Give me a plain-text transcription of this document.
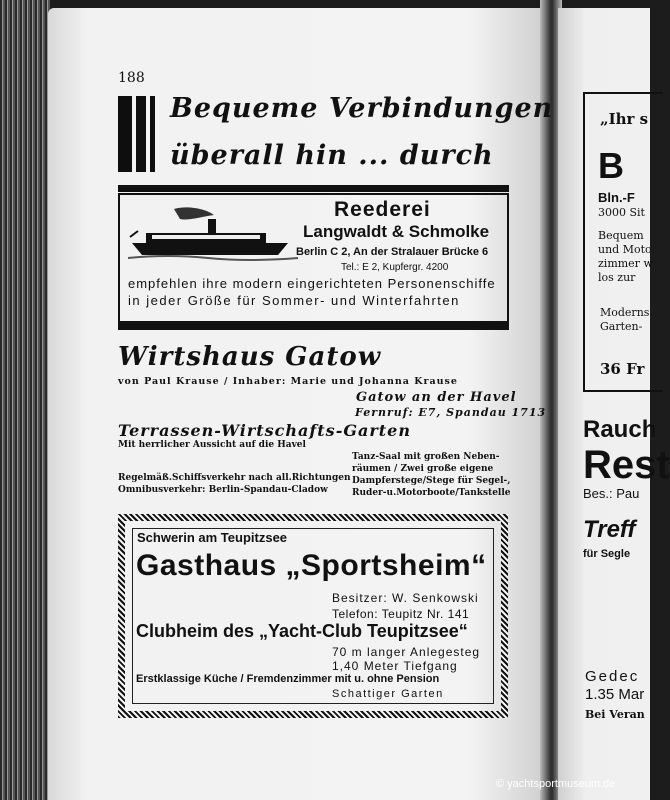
188
Bequeme Verbindungen
überall hin ... durch
Reederei
Langwaldt & Schmolke
Berlin C 2, An der Stralauer Brücke 6
Tel.: E 2, Kupfergr. 4200
empfehlen ihre modern eingerichteten Personenschiffe
in jeder Größe für Sommer- und Winterfahrten
Wirtshaus Gatow
von Paul Krause / Inhaber: Marie und Johanna Krause
Gatow an der Havel
Fernruf: E7, Spandau 1713
Terrassen-Wirtschafts-Garten
Mit herrlicher Aussicht auf die Havel
Tanz-Saal mit großen Neben-
räumen / Zwei große eigene
Dampferstege/Stege für Segel-,
Ruder-u.Motorboote/Tankstelle
Regelmäß.Schiffsverkehr nach all.Richtungen
Omnibusverkehr: Berlin-Spandau-Cladow
Schwerin am Teupitzsee
Gasthaus „Sportsheim“
Besitzer: W. Senkowski
Telefon: Teupitz Nr. 141
Clubheim des „Yacht-Club Teupitzsee“
70 m langer Anlegesteg
1,40 Meter Tiefgang
Erstklassige Küche / Fremdenzimmer mit u. ohne Pension
Schattiger Garten
„Ihr s
B
Bln.-F
3000 Sit
Bequem
und Moto
zimmer w
los zur
Moderns
Garten-
36 Fr
Rauch
Rest
Bes.: Pau
Treff
für Segle
Gedec
1.35 Mar
Bei Veran
© yachtsportmuseum.de
